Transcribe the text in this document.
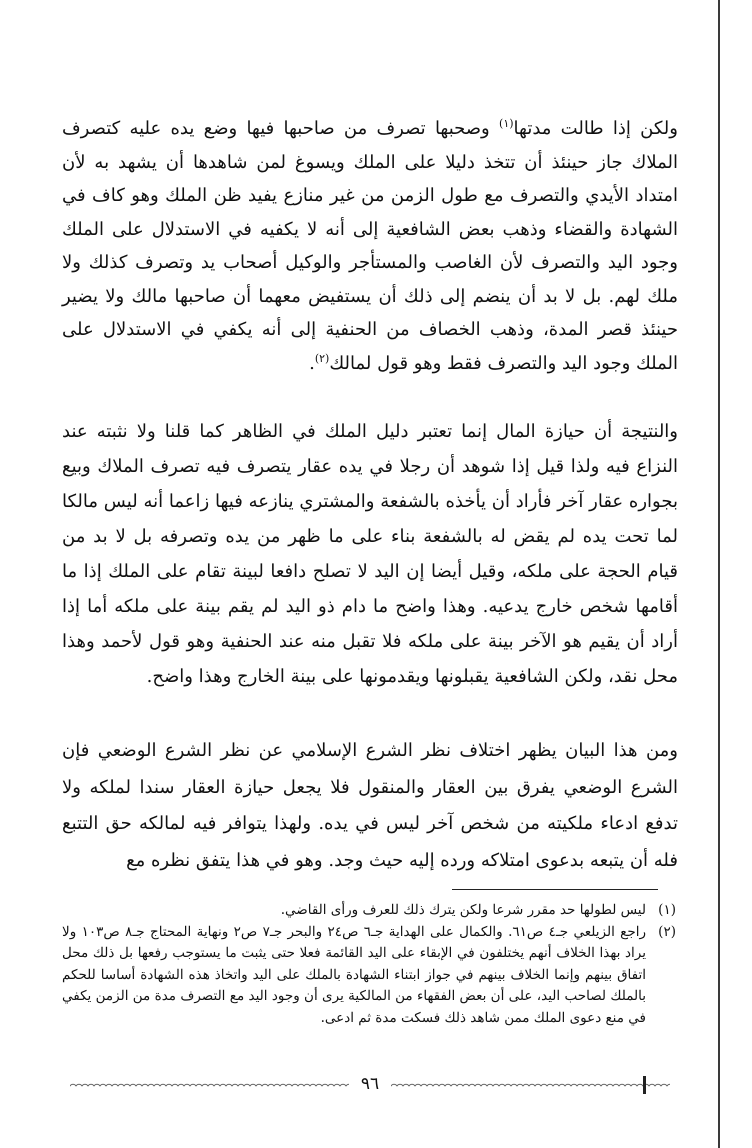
ولكن إذا طالت مدتها$^{(١)}$ وصحبها تصرف من صاحبها فيها وضع يده عليه كتصرف الملاك جاز حينئذ أن تتخذ دليلا على الملك ويسوغ لمن شاهدها أن يشهد به لأن امتداد الأيدي والتصرف مع طول الزمن من غير منازع يفيد ظن الملك وهو كاف في الشهادة والقضاء وذهب بعض الشافعية إلى أنه لا يكفيه في الاستدلال على الملك وجود اليد والتصرف لأن الغاصب والمستأجر والوكيل أصحاب يد وتصرف كذلك ولا ملك لهم. بل لا بد أن ينضم إلى ذلك أن يستفيض معهما أن صاحبها مالك ولا يضير حينئذ قصر المدة، وذهب الخصاف من الحنفية إلى أنه يكفي في الاستدلال على الملك وجود اليد والتصرف فقط وهو قول لمالك$^{(٢)}$.

والنتيجة أن حيازة المال إنما تعتبر دليل الملك في الظاهر كما قلنا ولا نثبته عند النزاع فيه ولذا قيل إذا شوهد أن رجلا في يده عقار يتصرف فيه تصرف الملاك وبيع بجواره عقار آخر فأراد أن يأخذه بالشفعة والمشتري ينازعه فيها زاعما أنه ليس مالكا لما تحت يده لم يقض له بالشفعة بناء على ما ظهر من يده وتصرفه بل لا بد من قيام الحجة على ملكه، وقيل أيضا إن اليد لا تصلح دافعا لبينة تقام على الملك إذا ما أقامها شخص خارج يدعيه. وهذا واضح ما دام ذو اليد لم يقم بينة على ملكه أما إذا أراد أن يقيم هو الآخر بينة على ملكه فلا تقبل منه عند الحنفية وهو قول لأحمد وهذا محل نقد، ولكن الشافعية يقبلونها ويقدمونها على بينة الخارج وهذا واضح.

ومن هذا البيان يظهر اختلاف نظر الشرع الإسلامي عن نظر الشرع الوضعي فإن الشرع الوضعي يفرق بين العقار والمنقول فلا يجعل حيازة العقار سندا لملكه ولا تدفع ادعاء ملكيته من شخص آخر ليس في يده. ولهذا يتوافر فيه لمالكه حق التتبع فله أن يتبعه بدعوى امتلاكه ورده إليه حيث وجد. وهو في هذا يتفق نظره مع

(١)
ليس لطولها حد مقرر شرعا ولكن يترك ذلك للعرف ورأى القاضي.
(٢)
راجع الزيلعي جـ٤ ص٦١. والكمال على الهداية جـ٦ ص٢٤ والبحر جـ٧ ص٢ ونهاية المحتاج جـ٨ ص١٠٣ ولا يراد بهذا الخلاف أنهم يختلفون في الإبقاء على اليد القائمة فعلا حتى يثبت ما يستوجب رفعها بل ذلك محل اتفاق بينهم وإنما الخلاف بينهم في جواز ابتناء الشهادة بالملك على اليد واتخاذ هذه الشهادة أساسا للحكم بالملك لصاحب اليد، على أن بعض الفقهاء من المالكية يرى أن وجود اليد مع التصرف مدة من الزمن يكفي في منع دعوى الملك ممن شاهد ذلك فسكت مدة ثم ادعى.
٩٦
